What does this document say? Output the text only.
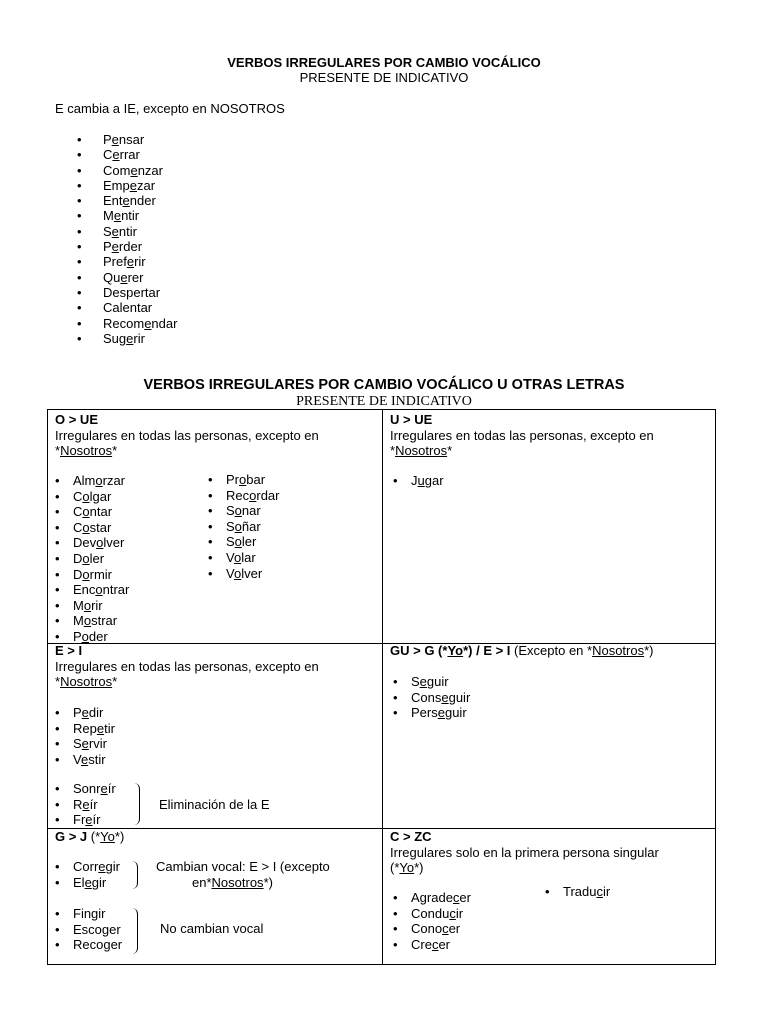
VERBOS IRREGULARES POR CAMBIO VOCÁLICO
PRESENTE DE INDICATIVO
E cambia a IE, excepto en NOSOTROS
• Pensar
• Cerrar
• Comenzar
• Empezar
• Entender
• Mentir
• Sentir
• Perder
• Preferir
• Querer
• Despertar
• Calentar
• Recomendar
• Sugerir
VERBOS IRREGULARES POR CAMBIO VOCÁLICO U OTRAS LETRAS
PRESENTE DE INDICATIVO
O > UE
Irregulares en todas las personas, excepto en
*Nosotros*
• Almorzar
• Colgar
• Contar
• Costar
• Devolver
• Doler
• Dormir
• Encontrar
• Morir
• Mostrar
• Poder
• Probar
• Recordar
• Sonar
• Soñar
• Soler
• Volar
• Volver
U > UE
Irregulares en todas las personas, excepto en
*Nosotros*
• Jugar
E > I
Irregulares en todas las personas, excepto en
*Nosotros*
• Pedir
• Repetir
• Servir
• Vestir
• Sonreír
• Reír
• Freír
Eliminación de la E
GU > G (*Yo*) / E > I (Excepto en *Nosotros*)
• Seguir
• Conseguir
• Perseguir
G > J (*Yo*)
• Corregir
• Elegir
Cambian vocal: E > I (excepto
en*Nosotros*)
• Fingir
• Escoger
• Recoger
No cambian vocal
C > ZC
Irregulares solo en la primera persona singular
(*Yo*)
• Agradecer
• Conducir
• Conocer
• Crecer
• Traducir
